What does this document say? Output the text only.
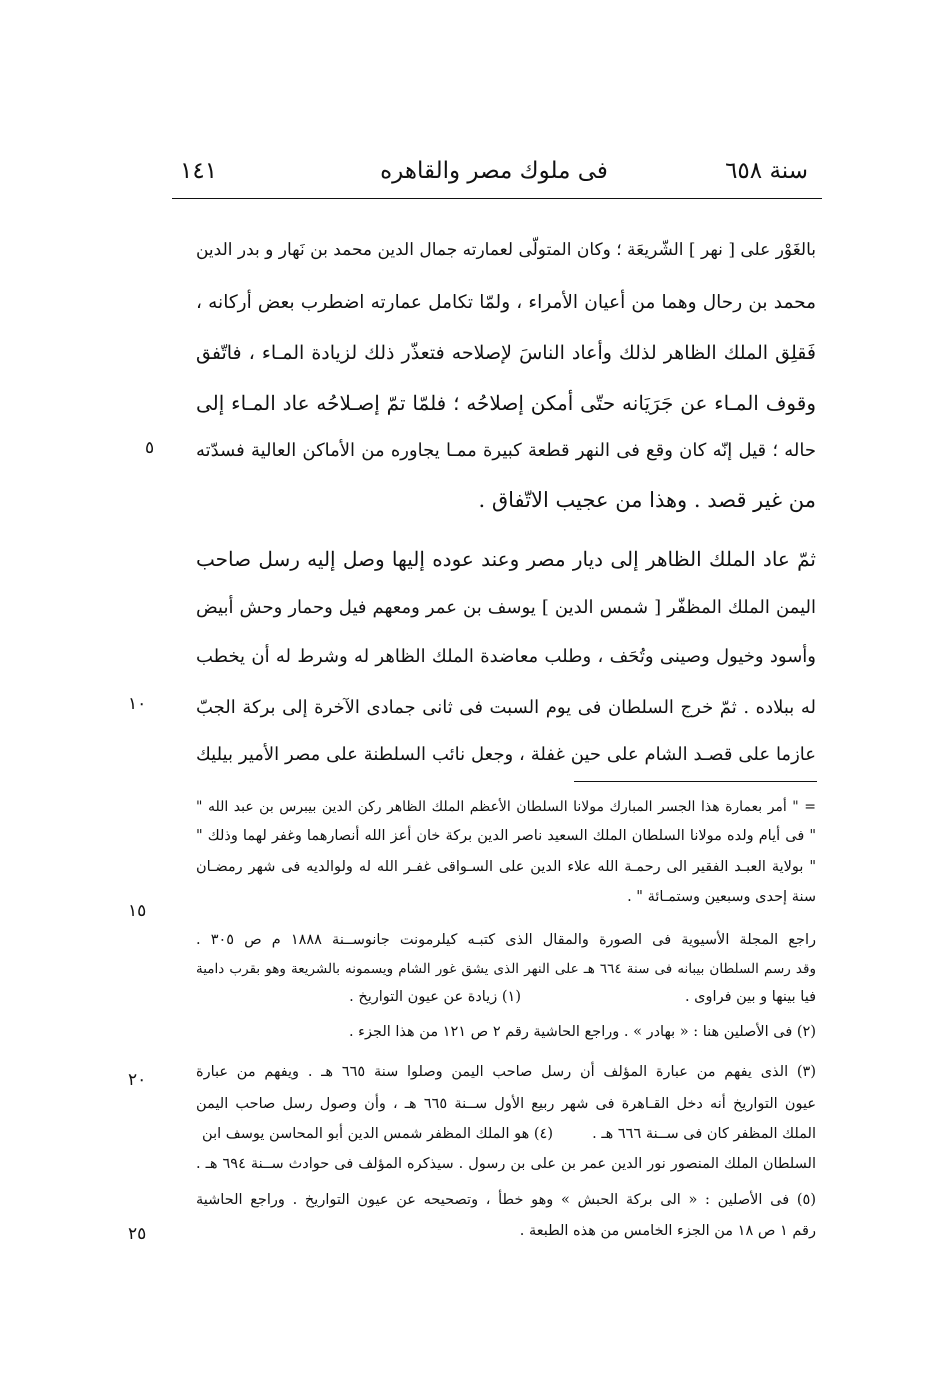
١٤١	فى ملوك مصر والقاهره	سنة ٦٥٨
بالغَوْر على [ نهر ] الشّريعَة ؛ وكان المتولّى لعمارته جمال الدين محمد بن نَهار و بدر الدين
محمد بن رحال وهما من أعيان الأمراء ، ولمّا تكامل عمارته اضطرب بعض أركانه ،
فَقلِق الملك الظاهر لذلك وأعاد الناسَ لإصلاحه فتعذّر ذلك لزيادة المـاء ، فاتّفق
وقوف المـاء عن جَرَيَانه حتّى أمكن إصلاحُه ؛ فلمّا تمّ إصـلاحُه عاد المـاء إلى
حاله ؛ قيل إنّه كان وقع فى النهر قطعة كبيرة ممـا يجاوره من الأماكن العالية فسدّته
من غير قصد . وهذا من عجيب الاتّفاق .
ثمّ عاد الملك الظاهر إلى ديار مصر وعند عوده إليها وصل إليه رسل صاحب
اليمن الملك المظفّر [ شمس الدين ] يوسف بن عمر ومعهم فيل وحمار وحش أبيض
وأسود وخيول وصينى وتُحَف ، وطلب معاضدة الملك الظاهر له وشرط له أن يخطب
له ببلاده . ثمّ خرج السلطان فى يوم السبت فى ثانى جمادى الآخرة إلى بركة الجبّ
عازما على قصـد الشام على حين غفلة ، وجعل نائب السلطنة على مصر الأمير بيليك
٥
١٠
١٥
٢٠
٢٥
= " أمر بعمارة هذا الجسر المبارك مولانا السلطان الأعظم الملك الظاهر ركن الدين بيبرس بن عبد الله "
" فى أيام ولده مولانا السلطان الملك السعيد ناصر الدين بركة خان أعز الله أنصارهما وغفر لهما وذلك "
" بولاية العبـد الفقير الى رحمـة الله علاء الدين على السـواقى غفـر الله له ولوالديه فى شهر رمضـان
سنة إحدى وسبعين وستمـائة " .
راجع المجلة الأسيوية فى الصورة والمقال الذى كتبـه كيلرمونت جانوســنة ١٨٨٨ م ص ٣٠٥ .
وقد رسم السلطان بيبانه فى سنة ٦٦٤ هـ على النهر الذى يشق غور الشام ويسمونه بالشريعة وهو بقرب دامية
فيا بينها و بين فراوى .
(١) زيادة عن عيون التواريخ .
(٢) فى الأصلين هنا : « بهادر » . وراجع الحاشية رقم ٢ ص ١٢١ من هذا الجزء .
(٣) الذى يفهم من عبارة المؤلف أن رسل صاحب اليمن وصلوا سنة ٦٦٥ هـ . ويفهم من عبارة
عيون التواريخ أنه دخل القـاهرة فى شهر ربيع الأول ســنة ٦٦٥ هـ ، وأن وصول رسل صاحب اليمن
الملك المظفر كان فى ســنة ٦٦٦ هـ .
(٤) هو الملك المظفر شمس الدين أبو المحاسن يوسف ابن
السلطان الملك المنصور نور الدين عمر بن على بن رسول . سيذكره المؤلف فى حوادث ســنة ٦٩٤ هـ .
(٥) فى الأصلين : « الى بركة الحبش » وهو خطأ ، وتصحيحه عن عيون التواريخ . وراجع الحاشية
رقم ١ ص ١٨ من الجزء الخامس من هذه الطبعة .
